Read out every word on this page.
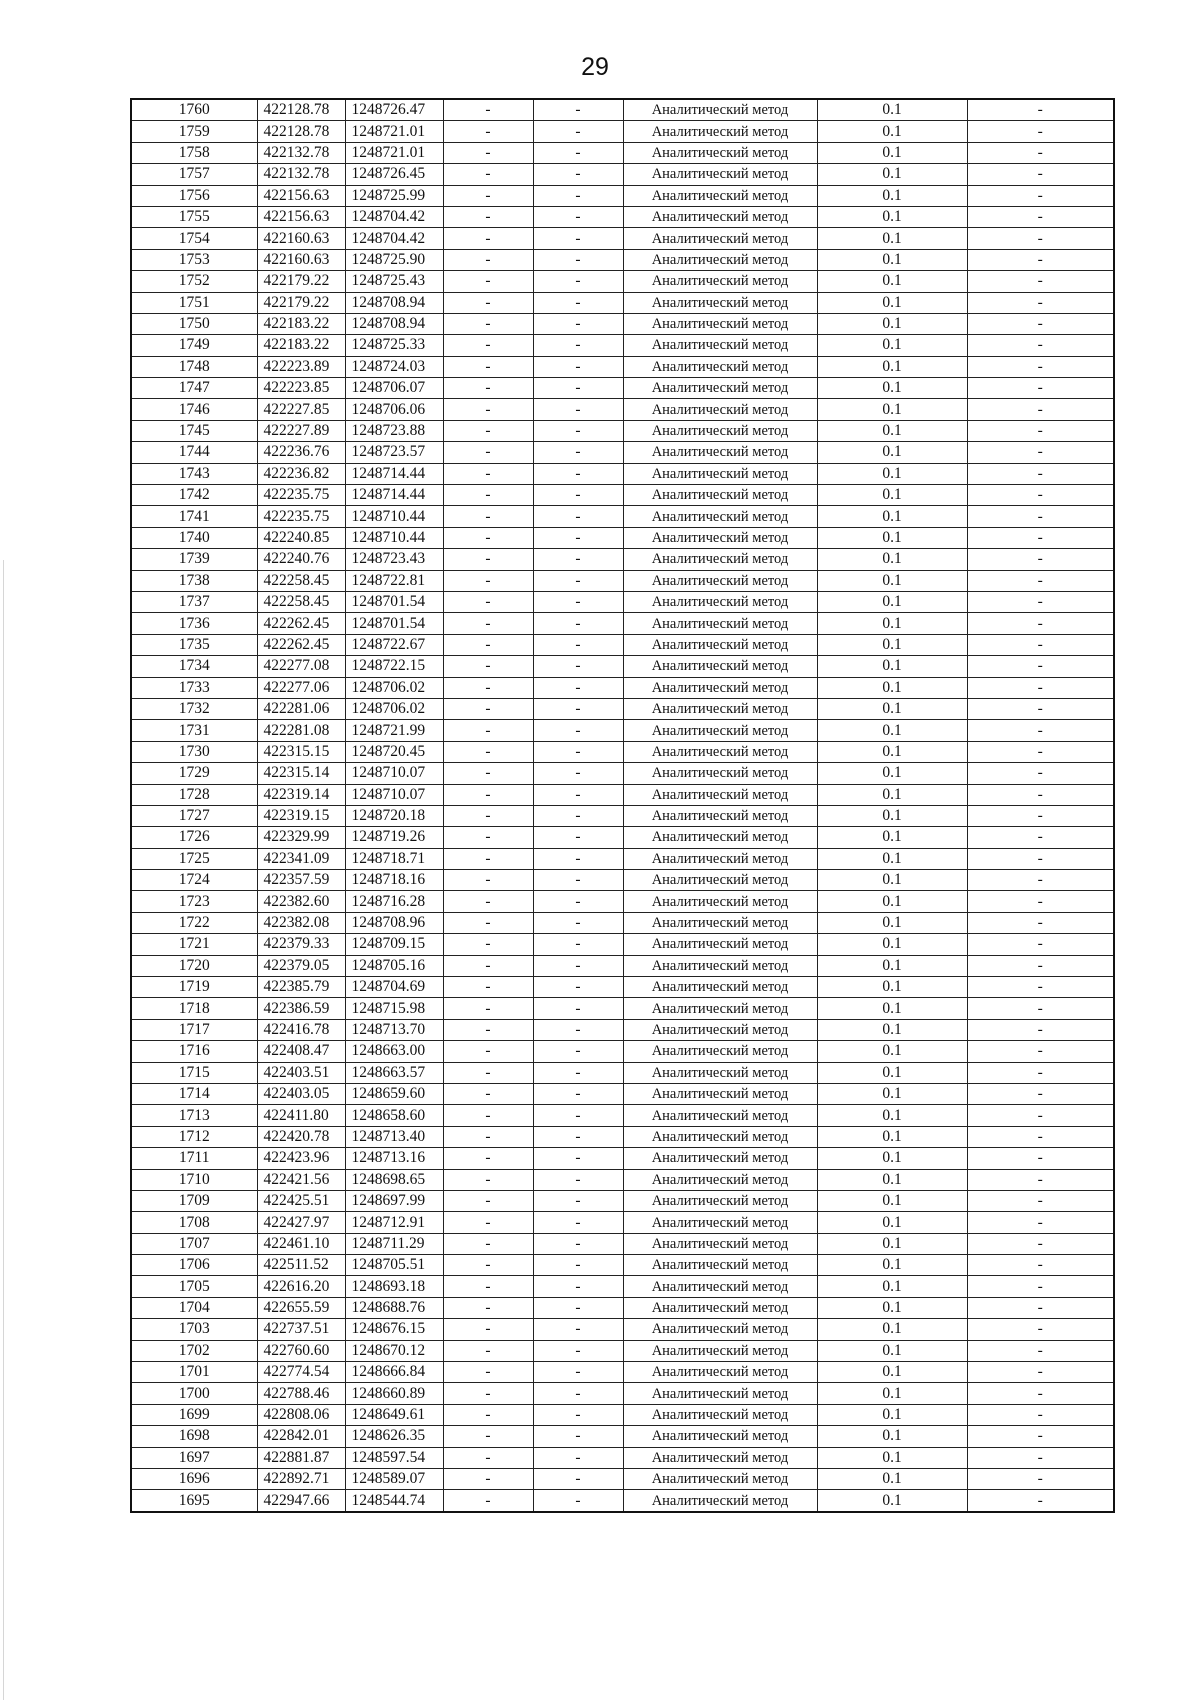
29
1760	422128.78	1248726.47	-	-	Аналитический метод	0.1	-
1759	422128.78	1248721.01	-	-	Аналитический метод	0.1	-
1758	422132.78	1248721.01	-	-	Аналитический метод	0.1	-
1757	422132.78	1248726.45	-	-	Аналитический метод	0.1	-
1756	422156.63	1248725.99	-	-	Аналитический метод	0.1	-
1755	422156.63	1248704.42	-	-	Аналитический метод	0.1	-
1754	422160.63	1248704.42	-	-	Аналитический метод	0.1	-
1753	422160.63	1248725.90	-	-	Аналитический метод	0.1	-
1752	422179.22	1248725.43	-	-	Аналитический метод	0.1	-
1751	422179.22	1248708.94	-	-	Аналитический метод	0.1	-
1750	422183.22	1248708.94	-	-	Аналитический метод	0.1	-
1749	422183.22	1248725.33	-	-	Аналитический метод	0.1	-
1748	422223.89	1248724.03	-	-	Аналитический метод	0.1	-
1747	422223.85	1248706.07	-	-	Аналитический метод	0.1	-
1746	422227.85	1248706.06	-	-	Аналитический метод	0.1	-
1745	422227.89	1248723.88	-	-	Аналитический метод	0.1	-
1744	422236.76	1248723.57	-	-	Аналитический метод	0.1	-
1743	422236.82	1248714.44	-	-	Аналитический метод	0.1	-
1742	422235.75	1248714.44	-	-	Аналитический метод	0.1	-
1741	422235.75	1248710.44	-	-	Аналитический метод	0.1	-
1740	422240.85	1248710.44	-	-	Аналитический метод	0.1	-
1739	422240.76	1248723.43	-	-	Аналитический метод	0.1	-
1738	422258.45	1248722.81	-	-	Аналитический метод	0.1	-
1737	422258.45	1248701.54	-	-	Аналитический метод	0.1	-
1736	422262.45	1248701.54	-	-	Аналитический метод	0.1	-
1735	422262.45	1248722.67	-	-	Аналитический метод	0.1	-
1734	422277.08	1248722.15	-	-	Аналитический метод	0.1	-
1733	422277.06	1248706.02	-	-	Аналитический метод	0.1	-
1732	422281.06	1248706.02	-	-	Аналитический метод	0.1	-
1731	422281.08	1248721.99	-	-	Аналитический метод	0.1	-
1730	422315.15	1248720.45	-	-	Аналитический метод	0.1	-
1729	422315.14	1248710.07	-	-	Аналитический метод	0.1	-
1728	422319.14	1248710.07	-	-	Аналитический метод	0.1	-
1727	422319.15	1248720.18	-	-	Аналитический метод	0.1	-
1726	422329.99	1248719.26	-	-	Аналитический метод	0.1	-
1725	422341.09	1248718.71	-	-	Аналитический метод	0.1	-
1724	422357.59	1248718.16	-	-	Аналитический метод	0.1	-
1723	422382.60	1248716.28	-	-	Аналитический метод	0.1	-
1722	422382.08	1248708.96	-	-	Аналитический метод	0.1	-
1721	422379.33	1248709.15	-	-	Аналитический метод	0.1	-
1720	422379.05	1248705.16	-	-	Аналитический метод	0.1	-
1719	422385.79	1248704.69	-	-	Аналитический метод	0.1	-
1718	422386.59	1248715.98	-	-	Аналитический метод	0.1	-
1717	422416.78	1248713.70	-	-	Аналитический метод	0.1	-
1716	422408.47	1248663.00	-	-	Аналитический метод	0.1	-
1715	422403.51	1248663.57	-	-	Аналитический метод	0.1	-
1714	422403.05	1248659.60	-	-	Аналитический метод	0.1	-
1713	422411.80	1248658.60	-	-	Аналитический метод	0.1	-
1712	422420.78	1248713.40	-	-	Аналитический метод	0.1	-
1711	422423.96	1248713.16	-	-	Аналитический метод	0.1	-
1710	422421.56	1248698.65	-	-	Аналитический метод	0.1	-
1709	422425.51	1248697.99	-	-	Аналитический метод	0.1	-
1708	422427.97	1248712.91	-	-	Аналитический метод	0.1	-
1707	422461.10	1248711.29	-	-	Аналитический метод	0.1	-
1706	422511.52	1248705.51	-	-	Аналитический метод	0.1	-
1705	422616.20	1248693.18	-	-	Аналитический метод	0.1	-
1704	422655.59	1248688.76	-	-	Аналитический метод	0.1	-
1703	422737.51	1248676.15	-	-	Аналитический метод	0.1	-
1702	422760.60	1248670.12	-	-	Аналитический метод	0.1	-
1701	422774.54	1248666.84	-	-	Аналитический метод	0.1	-
1700	422788.46	1248660.89	-	-	Аналитический метод	0.1	-
1699	422808.06	1248649.61	-	-	Аналитический метод	0.1	-
1698	422842.01	1248626.35	-	-	Аналитический метод	0.1	-
1697	422881.87	1248597.54	-	-	Аналитический метод	0.1	-
1696	422892.71	1248589.07	-	-	Аналитический метод	0.1	-
1695	422947.66	1248544.74	-	-	Аналитический метод	0.1	-
